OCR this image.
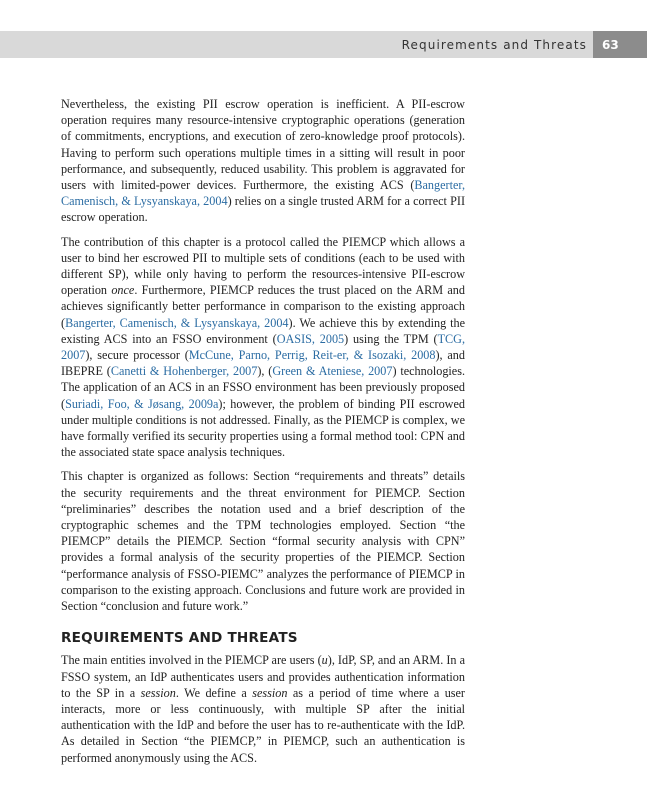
Requirements and Threats	63

Nevertheless, the existing PII escrow operation is inefficient. A PII-escrow operation requires many resource-intensive cryptographic operations (generation of commitments, encryptions, and execution of zero-knowledge proof protocols). Having to perform such operations multiple times in a sitting will result in poor performance, and subsequently, reduced usability. This problem is aggravated for users with limited-power devices. Furthermore, the existing ACS (Bangerter, Camenisch, & Lysyanskaya, 2004) relies on a single trusted ARM for a correct PII escrow operation.

The contribution of this chapter is a protocol called the PIEMCP which allows a user to bind her escrowed PII to multiple sets of conditions (each to be used with different SP), while only having to perform the resources-intensive PII-escrow operation once. Furthermore, PIEMCP reduces the trust placed on the ARM and achieves significantly better performance in comparison to the existing approach (Bangerter, Camenisch, & Lysyanskaya, 2004). We achieve this by extending the existing ACS into an FSSO environment (OASIS, 2005) using the TPM (TCG, 2007), secure processor (McCune, Parno, Perrig, Reit-er, & Isozaki, 2008), and IBEPRE (Canetti & Hohenberger, 2007), (Green & Ateniese, 2007) technologies. The application of an ACS in an FSSO environment has been previously proposed (Suriadi, Foo, & Jøsang, 2009a); however, the problem of binding PII escrowed under multiple conditions is not addressed. Finally, as the PIEMCP is complex, we have formally verified its security properties using a formal method tool: CPN and the associated state space analysis techniques.

This chapter is organized as follows: Section “requirements and threats” details the security requirements and the threat environment for PIEMCP. Section “preliminaries” describes the notation used and a brief description of the cryptographic schemes and the TPM technologies employed. Section “the PIEMCP” details the PIEMCP. Section “formal security analysis with CPN” provides a formal analysis of the security properties of the PIEMCP. Section “performance analysis of FSSO-PIEMC” analyzes the performance of PIEMCP in comparison to the existing approach. Conclusions and future work are provided in Section “conclusion and future work.”

REQUIREMENTS AND THREATS

The main entities involved in the PIEMCP are users (u), IdP, SP, and an ARM. In a FSSO system, an IdP authenticates users and provides authentication information to the SP in a session. We define a session as a period of time where a user interacts, more or less continuously, with multiple SP after the initial authentication with the IdP and before the user has to re-authenticate with the IdP. As detailed in Section “the PIEMCP,” in PIEMCP, such an authentication is performed anonymously using the ACS.
